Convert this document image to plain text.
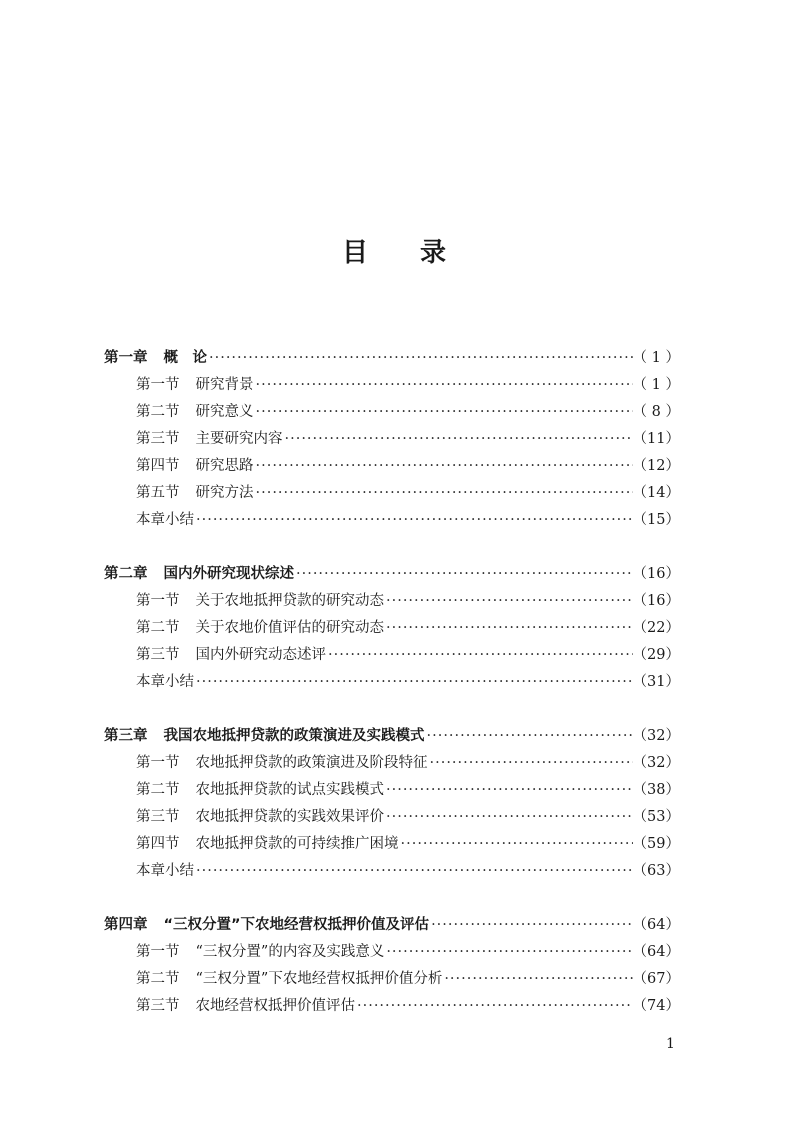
目 录
第一章 概　论 ·····	（ 1 ）
第一节 研究背景 ·····	（ 1 ）
第二节 研究意义 ·····	（ 8 ）
第三节 主要研究内容 ·····	（11）
第四节 研究思路 ·····	（12）
第五节 研究方法 ·····	（14）
本章小结 ·····	（15）
第二章 国内外研究现状综述 ·····	（16）
第一节 关于农地抵押贷款的研究动态 ·····	（16）
第二节 关于农地价值评估的研究动态 ·····	（22）
第三节 国内外研究动态述评 ·····	（29）
本章小结 ·····	（31）
第三章 我国农地抵押贷款的政策演进及实践模式 ·····	（32）
第一节 农地抵押贷款的政策演进及阶段特征 ·····	（32）
第二节 农地抵押贷款的试点实践模式 ·····	（38）
第三节 农地抵押贷款的实践效果评价 ·····	（53）
第四节 农地抵押贷款的可持续推广困境 ·····	（59）
本章小结 ·····	（63）
第四章 “三权分置”下农地经营权抵押价值及评估 ·····	（64）
第一节 “三权分置”的内容及实践意义 ·····	（64）
第二节 “三权分置”下农地经营权抵押价值分析 ·····	（67）
第三节 农地经营权抵押价值评估 ·····	（74）
1
